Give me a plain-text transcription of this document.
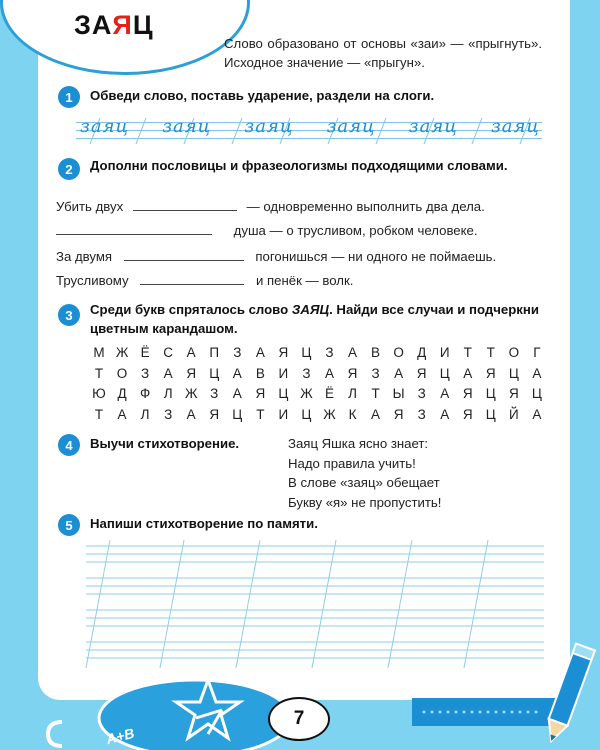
ЗАЯЦ
Слово образовано от основы «заи» — «прыгнуть». Исходное значение — «прыгун».
1	Обведи слово, поставь ударение, раздели на слоги.
заяц заяц заяц заяц заяц заяц
2	Дополни пословицы и фразеологизмы подходящими словами.
Убить двух	— одновременно выполнить два дела.
душа — о трусливом, робком человеке.
За двумя	погонишься — ни одного не поймаешь.
Трусливому	и пенёк — волк.
3	Среди букв спряталось слово ЗАЯЦ. Найди все случаи и подчеркни цветным карандашом.
М Ж Ё С А П З А Я Ц З А В О Д И Т Т О Г
Т О З А Я Ц А В И З А Я З А Я Ц А Я Ц А
Ю Д Ф Л Ж З А Я Ц Ж Ё Л Т Ы З А Я Ц Я Ц
Т А Л З А Я Ц Т И Ц Ж К А Я З А Я Ц Й А
4	Выучи стихотворение.	Заяц Яшка ясно знает:
Надо правила учить!
В слове «заяц» обещает
Букву «я» не пропустить!
5	Напиши стихотворение по памяти.
А+В
7
